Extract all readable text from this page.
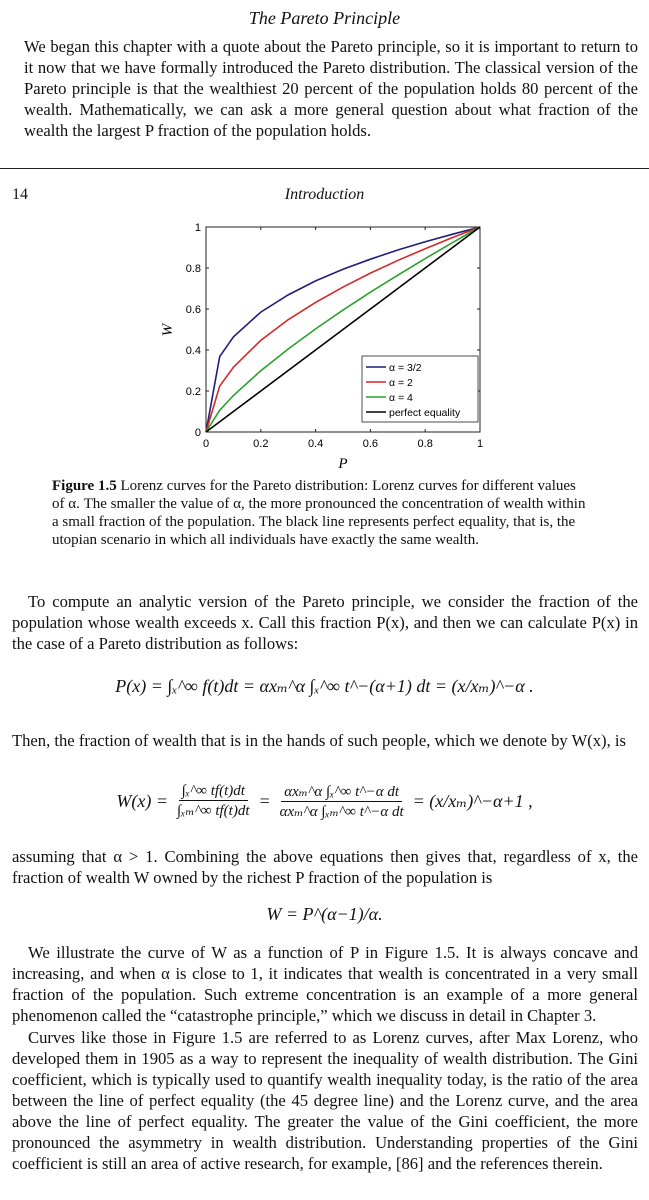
The Pareto Principle

We began this chapter with a quote about the Pareto principle, so it is important to return to it now that we have formally introduced the Pareto distribution. The classical version of the Pareto principle is that the wealthiest 20 percent of the population holds 80 percent of the wealth. Mathematically, we can ask a more general question about what fraction of the wealth the largest P fraction of the population holds.

14	Introduction
W
P
0	0.2	0.4	0.6	0.8	1
0
0.2
0.4
0.6
0.8
1
α = 3/2
α = 2
α = 4
perfect equality
Figure 1.5 Lorenz curves for the Pareto distribution: Lorenz curves for different values of α. The smaller the value of α, the more pronounced the concentration of wealth within a small fraction of the population. The black line represents perfect equality, that is, the utopian scenario in which all individuals have exactly the same wealth.

To compute an analytic version of the Pareto principle, we consider the fraction of the population whose wealth exceeds x. Call this fraction P(x), and then we can calculate P(x) in the case of a Pareto distribution as follows:

P(x) = ∫ₓ^∞ f(t)dt = αxₘ^α ∫ₓ^∞ t^−(α+1) dt = (x/xₘ)^−α .

Then, the fraction of wealth that is in the hands of such people, which we denote by W(x), is

$W(x) = \frac{\text{∫ₓ\textasciicircum{}∞ tf(t)dt}}{\text{∫ₓₘ\textasciicircum{}∞ tf(t)dt}} = \frac{\text{αxₘ\textasciicircum{}α ∫ₓ\textasciicircum{}∞ t\textasciicircum{}−α dt}}{\text{αxₘ\textasciicircum{}α ∫ₓₘ\textasciicircum{}∞ t\textasciicircum{}−α dt}}$ = (x/xₘ)^−α+1 ,

assuming that α > 1. Combining the above equations then gives that, regardless of x, the fraction of wealth W owned by the richest P fraction of the population is

W = P^(α−1)/α.

We illustrate the curve of W as a function of P in Figure 1.5. It is always concave and increasing, and when α is close to 1, it indicates that wealth is concentrated in a very small fraction of the population. Such extreme concentration is an example of a more general phenomenon called the “catastrophe principle,” which we discuss in detail in Chapter 3.

Curves like those in Figure 1.5 are referred to as Lorenz curves, after Max Lorenz, who developed them in 1905 as a way to represent the inequality of wealth distribution. The Gini coefficient, which is typically used to quantify wealth inequality today, is the ratio of the area between the line of perfect equality (the 45 degree line) and the Lorenz curve, and the area above the line of perfect equality. The greater the value of the Gini coefficient, the more pronounced the asymmetry in wealth distribution. Understanding properties of the Gini coefficient is still an area of active research, for example, [86] and the references therein.
